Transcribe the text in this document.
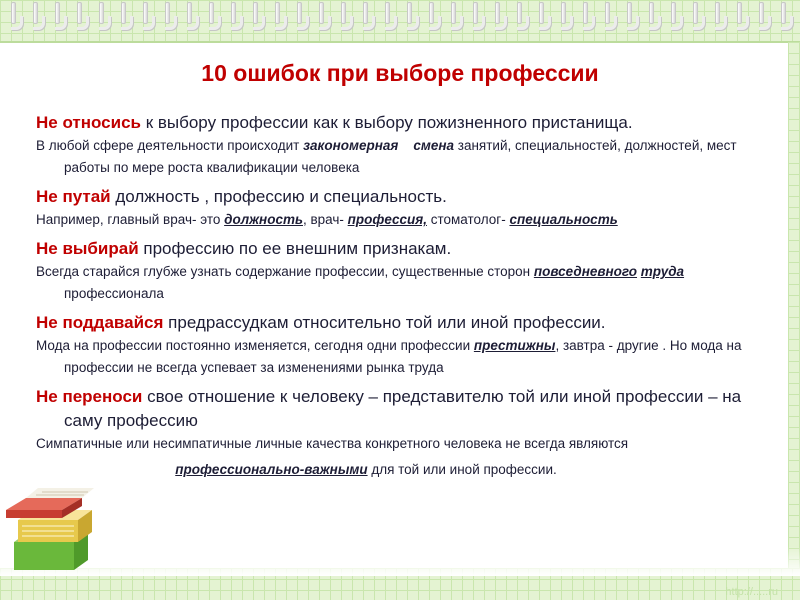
http://.....ru
10 ошибок при выборе профессии
Не относись к выбору профессии как к выбору пожизненного пристанища.
В любой сфере деятельности происходит закономерная смена занятий, специальностей, должностей, мест работы по мере роста квалификации человека
Не путай должность , профессию и специальность.
Например, главный врач- это должность, врач- профессия, стоматолог- специальность
Не выбирай профессию по ее внешним признакам.
Всегда старайся глубже узнать содержание профессии, существенные сторон повседневного труда профессионала
Не поддавайся предрассудкам относительно той или иной профессии.
Мода на профессии постоянно изменяется, сегодня одни профессии престижны, завтра - другие . Но мода на профессии не всегда успевает за изменениями рынка труда
Не переноси свое отношение к человеку – представителю той или иной профессии – на саму профессию
Симпатичные или несимпатичные личные качества конкретного человека не всегда являются
профессионально-важными для той или иной профессии.
